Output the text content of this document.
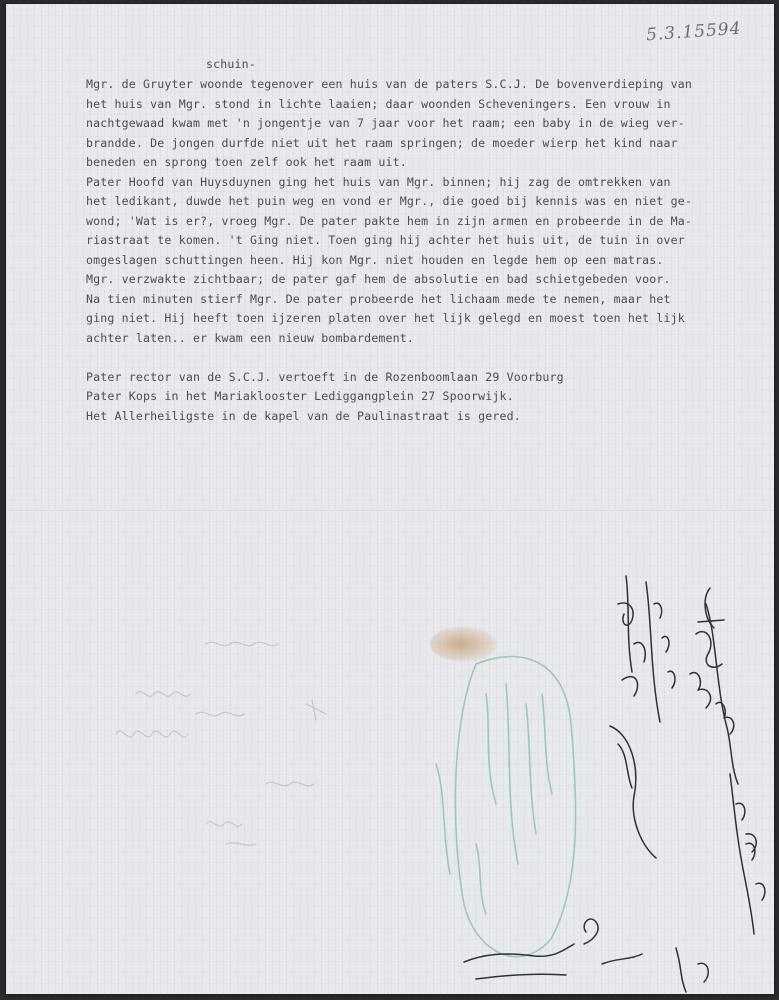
5.3.15594
schuin-
Mgr. de Gruyter woonde tegenover een huis van de paters S.C.J. De bovenverdieping van
het huis van Mgr. stond in lichte laaien; daar woonden Scheveningers. Een vrouw in
nachtgewaad kwam met 'n jongentje van 7 jaar voor het raam; een baby in de wieg ver-
brandde. De jongen durfde niet uit het raam springen; de moeder wierp het kind naar
beneden en sprong toen zelf ook het raam uit.
Pater Hoofd van Huysduynen ging het huis van Mgr. binnen; hij zag de omtrekken van
het ledikant, duwde het puin weg en vond er Mgr., die goed bij kennis was en niet ge-
wond; 'Wat is er?, vroeg Mgr. De pater pakte hem in zijn armen en probeerde in de Ma-
riastraat te komen. 't Ging niet. Toen ging hij achter het huis uit, de tuin in over
omgeslagen schuttingen heen. Hij kon Mgr. niet houden en legde hem op een matras.
Mgr. verzwakte zichtbaar; de pater gaf hem de absolutie en bad schietgebeden voor.
Na tien minuten stierf Mgr. De pater probeerde het lichaam mede te nemen, maar het
ging niet. Hij heeft toen ijzeren platen over het lijk gelegd en moest toen het lijk
achter laten.. er kwam een nieuw bombardement.
Pater rector van de S.C.J. vertoeft in de Rozenboomlaan 29 Voorburg
Pater Kops in het Mariaklooster Lediggangplein 27 Spoorwijk.
Het Allerheiligste in de kapel van de Paulinastraat is gered.
